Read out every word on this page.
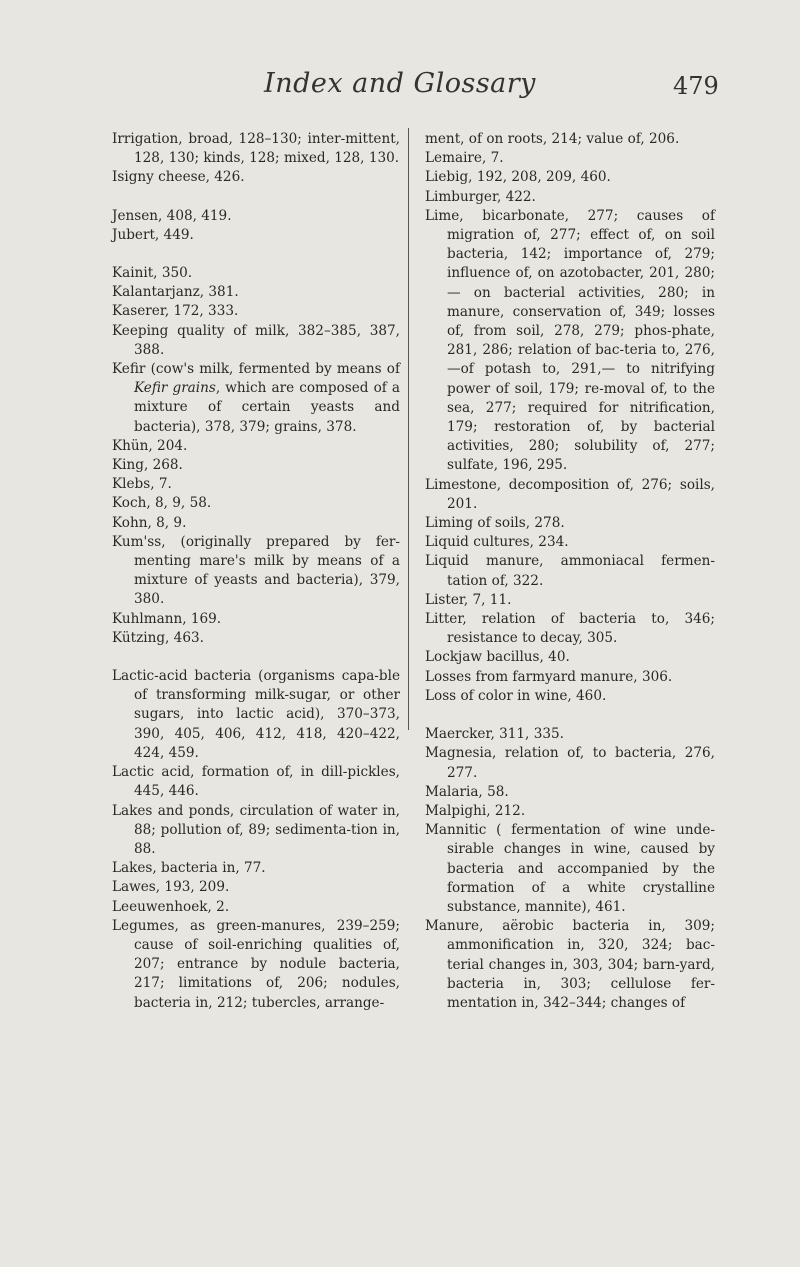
Index and Glossary	479

Irrigation, broad, 128–130; inter-mittent, 128, 130; kinds, 128; mixed, 128, 130.

Isigny cheese, 426.

Jensen, 408, 419.

Jubert, 449.

Kainit, 350.

Kalantarjanz, 381.

Kaserer, 172, 333.

Keeping quality of milk, 382–385, 387, 388.

Kefir (cow's milk, fermented by means of Kefir grains, which are composed of a mixture of certain yeasts and bacteria), 378, 379; grains, 378.

Khün, 204.

King, 268.

Klebs, 7.

Koch, 8, 9, 58.

Kohn, 8, 9.

Kum'ss, (originally prepared by fer-menting mare's milk by means of a mixture of yeasts and bacteria), 379, 380.

Kuhlmann, 169.

Kützing, 463.

Lactic-acid bacteria (organisms capa-ble of transforming milk-sugar, or other sugars, into lactic acid), 370–373, 390, 405, 406, 412, 418, 420–422, 424, 459.

Lactic acid, formation of, in dill-pickles, 445, 446.

Lakes and ponds, circulation of water in, 88; pollution of, 89; sedimenta-tion in, 88.

Lakes, bacteria in, 77.

Lawes, 193, 209.

Leeuwenhoek, 2.

Legumes, as green-manures, 239–259; cause of soil-enriching qualities of, 207; entrance by nodule bacteria, 217; limitations of, 206; nodules, bacteria in, 212; tubercles, arrange-

ment, of on roots, 214; value of, 206.

Lemaire, 7.

Liebig, 192, 208, 209, 460.

Limburger, 422.

Lime, bicarbonate, 277; causes of migration of, 277; effect of, on soil bacteria, 142; importance of, 279; influence of, on azotobacter, 201, 280; — on bacterial activities, 280; in manure, conservation of, 349; losses of, from soil, 278, 279; phos-phate, 281, 286; relation of bac-teria to, 276,—of potash to, 291,— to nitrifying power of soil, 179; re-moval of, to the sea, 277; required for nitrification, 179; restoration of, by bacterial activities, 280; solubility of, 277; sulfate, 196, 295.

Limestone, decomposition of, 276; soils, 201.

Liming of soils, 278.

Liquid cultures, 234.

Liquid manure, ammoniacal fermen-tation of, 322.

Lister, 7, 11.

Litter, relation of bacteria to, 346; resistance to decay, 305.

Lockjaw bacillus, 40.

Losses from farmyard manure, 306.

Loss of color in wine, 460.

Maercker, 311, 335.

Magnesia, relation of, to bacteria, 276, 277.

Malaria, 58.

Malpighi, 212.

Mannitic ( fermentation of wine unde-sirable changes in wine, caused by bacteria and accompanied by the formation of a white crystalline substance, mannite), 461.

Manure, aërobic bacteria in, 309; ammonification in, 320, 324; bac-terial changes in, 303, 304; barn-yard, bacteria in, 303; cellulose fer-mentation in, 342–344; changes of
